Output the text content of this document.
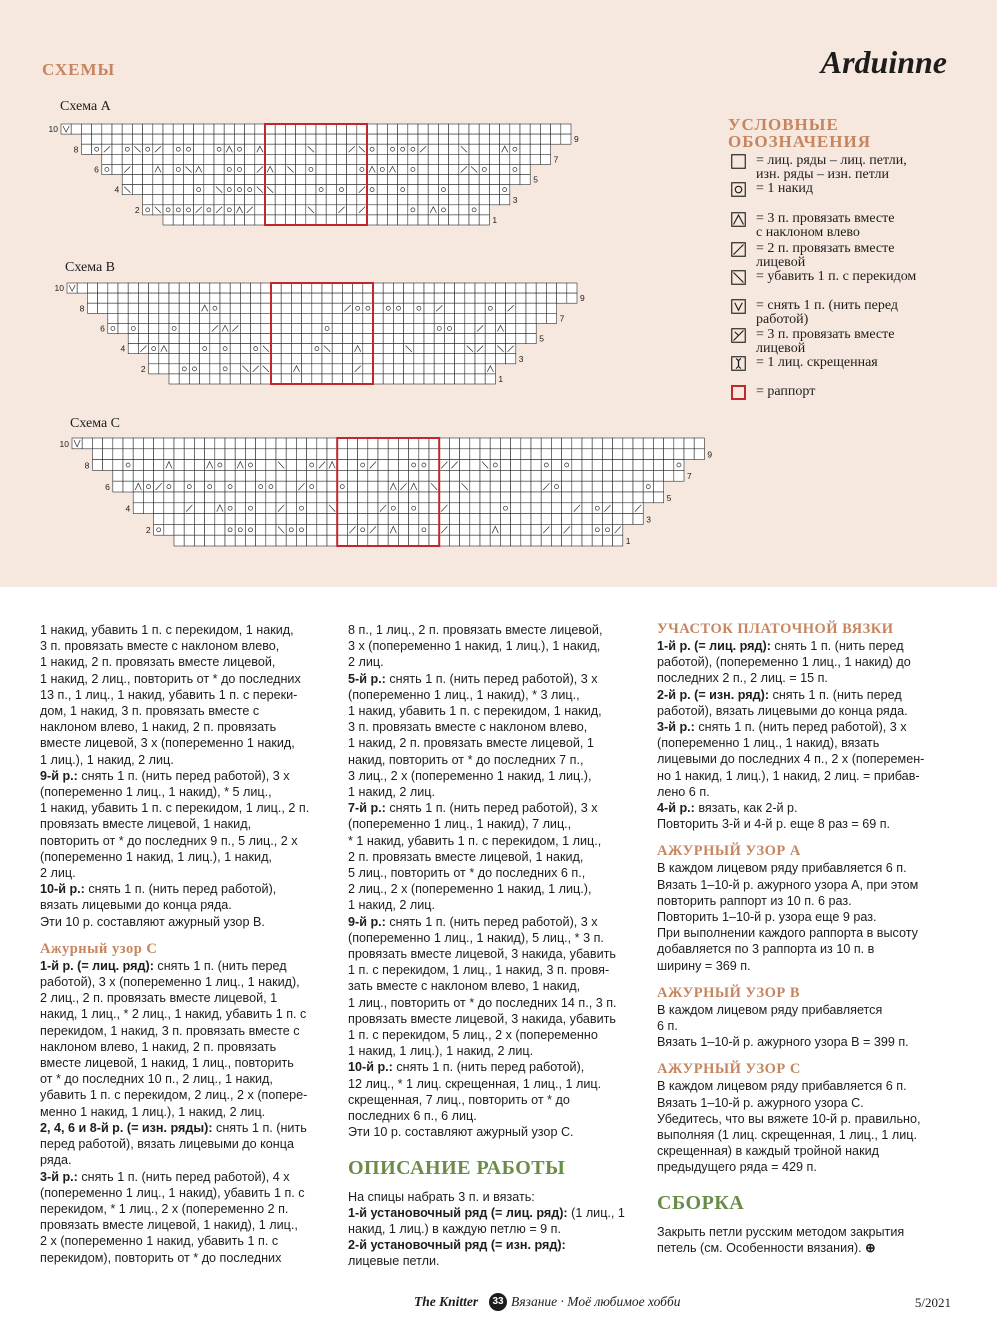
СХЕМЫ	Arduinne
Схема A
Схема B
Схема C
10
9
8
7
6
5
4
3
2
1
10
9
8
7
6
5
4
3
2
1
10
9
8
7
6
5
4
3
2
1
УСЛОВНЫЕ
ОБОЗНАЧЕНИЯ
= лиц. ряды – лиц. петли,
изн. ряды – изн. петли
= 1 накид
= 3 п. провязать вместе
с наклоном влево
= 2 п. провязать вместе
лицевой
= убавить 1 п. с перекидом
= снять 1 п. (нить перед
работой)
= 3 п. провязать вместе
лицевой
= 1 лиц. скрещенная
= раппорт
1 накид, убавить 1 п. с перекидом, 1 накид,
3 п. провязать вместе с наклоном влево,
1 накид, 2 п. провязать вместе лицевой,
1 накид, 2 лиц., повторить от * до последних
13 п., 1 лиц., 1 накид, убавить 1 п. с переки-
дом, 1 накид, 3 п. провязать вместе с
наклоном влево, 1 накид, 2 п. провязать
вместе лицевой, 3 х (попеременно 1 накид,
1 лиц.), 1 накид, 2 лиц.

9-й р.: снять 1 п. (нить перед работой), 3 х
(попеременно 1 лиц., 1 накид), * 5 лиц.,
1 накид, убавить 1 п. с перекидом, 1 лиц., 2 п.
провязать вместе лицевой, 1 накид,
повторить от * до последних 9 п., 5 лиц., 2 х
(попеременно 1 накид, 1 лиц.), 1 накид,
2 лиц.

10-й р.: снять 1 п. (нить перед работой),
вязать лицевыми до конца ряда.

Эти 10 р. составляют ажурный узор B.

Ажурный узор C

1-й р. (= лиц. ряд): снять 1 п. (нить перед
работой), 3 х (попеременно 1 лиц., 1 накид),
2 лиц., 2 п. провязать вместе лицевой, 1
накид, 1 лиц., * 2 лиц., 1 накид, убавить 1 п. с
перекидом, 1 накид, 3 п. провязать вместе с
наклоном влево, 1 накид, 2 п. провязать
вместе лицевой, 1 накид, 1 лиц., повторить
от * до последних 10 п., 2 лиц., 1 накид,
убавить 1 п. с перекидом, 2 лиц., 2 х (попере-
менно 1 накид, 1 лиц.), 1 накид, 2 лиц.

2, 4, 6 и 8-й р. (= изн. ряды): снять 1 п. (нить
перед работой), вязать лицевыми до конца
ряда.

3-й р.: снять 1 п. (нить перед работой), 4 х
(попеременно 1 лиц., 1 накид), убавить 1 п. с
перекидом, * 1 лиц., 2 х (попеременно 2 п.
провязать вместе лицевой, 1 накид), 1 лиц.,
2 х (попеременно 1 накид, убавить 1 п. с
перекидом), повторить от * до последних

8 п., 1 лиц., 2 п. провязать вместе лицевой,
3 х (попеременно 1 накид, 1 лиц.), 1 накид,
2 лиц.

5-й р.: снять 1 п. (нить перед работой), 3 х
(попеременно 1 лиц., 1 накид), * 3 лиц.,
1 накид, убавить 1 п. с перекидом, 1 накид,
3 п. провязать вместе с наклоном влево,
1 накид, 2 п. провязать вместе лицевой, 1
накид, повторить от * до последних 7 п.,
3 лиц., 2 х (попеременно 1 накид, 1 лиц.),
1 накид, 2 лиц.

7-й р.: снять 1 п. (нить перед работой), 3 х
(попеременно 1 лиц., 1 накид), 7 лиц.,
* 1 накид, убавить 1 п. с перекидом, 1 лиц.,
2 п. провязать вместе лицевой, 1 накид,
5 лиц., повторить от * до последних 6 п.,
2 лиц., 2 х (попеременно 1 накид, 1 лиц.),
1 накид, 2 лиц.

9-й р.: снять 1 п. (нить перед работой), 3 х
(попеременно 1 лиц., 1 накид), 5 лиц., * 3 п.
провязать вместе лицевой, 3 накида, убавить
1 п. с перекидом, 1 лиц., 1 накид, 3 п. провя-
зать вместе с наклоном влево, 1 накид,
1 лиц., повторить от * до последних 14 п., 3 п.
провязать вместе лицевой, 3 накида, убавить
1 п. с перекидом, 5 лиц., 2 х (попеременно
1 накид, 1 лиц.), 1 накид, 2 лиц.

10-й р.: снять 1 п. (нить перед работой),
12 лиц., * 1 лиц. скрещенная, 1 лиц., 1 лиц.
скрещенная, 7 лиц., повторить от * до
последних 6 п., 6 лиц.

Эти 10 р. составляют ажурный узор C.

ОПИСАНИЕ РАБОТЫ

На спицы набрать 3 п. и вязать:

1-й установочный ряд (= лиц. ряд): (1 лиц., 1
накид, 1 лиц.) в каждую петлю = 9 п.

2-й установочный ряд (= изн. ряд):
лицевые петли.

УЧАСТОК ПЛАТОЧНОЙ ВЯЗКИ

1-й р. (= лиц. ряд): снять 1 п. (нить перед
работой), (попеременно 1 лиц., 1 накид) до
последних 2 п., 2 лиц. = 15 п.

2-й р. (= изн. ряд): снять 1 п. (нить перед
работой), вязать лицевыми до конца ряда.

3-й р.: снять 1 п. (нить перед работой), 3 х
(попеременно 1 лиц., 1 накид), вязать
лицевыми до последних 4 п., 2 х (поперемен-
но 1 накид, 1 лиц.), 1 накид, 2 лиц. = прибав-
лено 6 п.

4-й р.: вязать, как 2-й р.
Повторить 3-й и 4-й р. еще 8 раз = 69 п.

АЖУРНЫЙ УЗОР A

В каждом лицевом ряду прибавляется 6 п.
Вязать 1–10-й р. ажурного узора A, при этом
повторить раппорт из 10 п. 6 раз.
Повторить 1–10-й р. узора еще 9 раз.
При выполнении каждого раппорта в высоту
добавляется по 3 раппорта из 10 п. в
ширину = 369 п.

АЖУРНЫЙ УЗОР B

В каждом лицевом ряду прибавляется
6 п.
Вязать 1–10-й р. ажурного узора B = 399 п.

АЖУРНЫЙ УЗОР C

В каждом лицевом ряду прибавляется 6 п.
Вязать 1–10-й р. ажурного узора C.
Убедитесь, что вы вяжете 10-й р. правильно,
выполняя (1 лиц. скрещенная, 1 лиц., 1 лиц.
скрещенная) в каждый тройной накид
предыдущего ряда = 429 п.

СБОРКА

Закрыть петли русским методом закрытия
петель (см. Особенности вязания). ⊕
The Knitter	33 Вязание · Моё любимое хобби	5/2021
